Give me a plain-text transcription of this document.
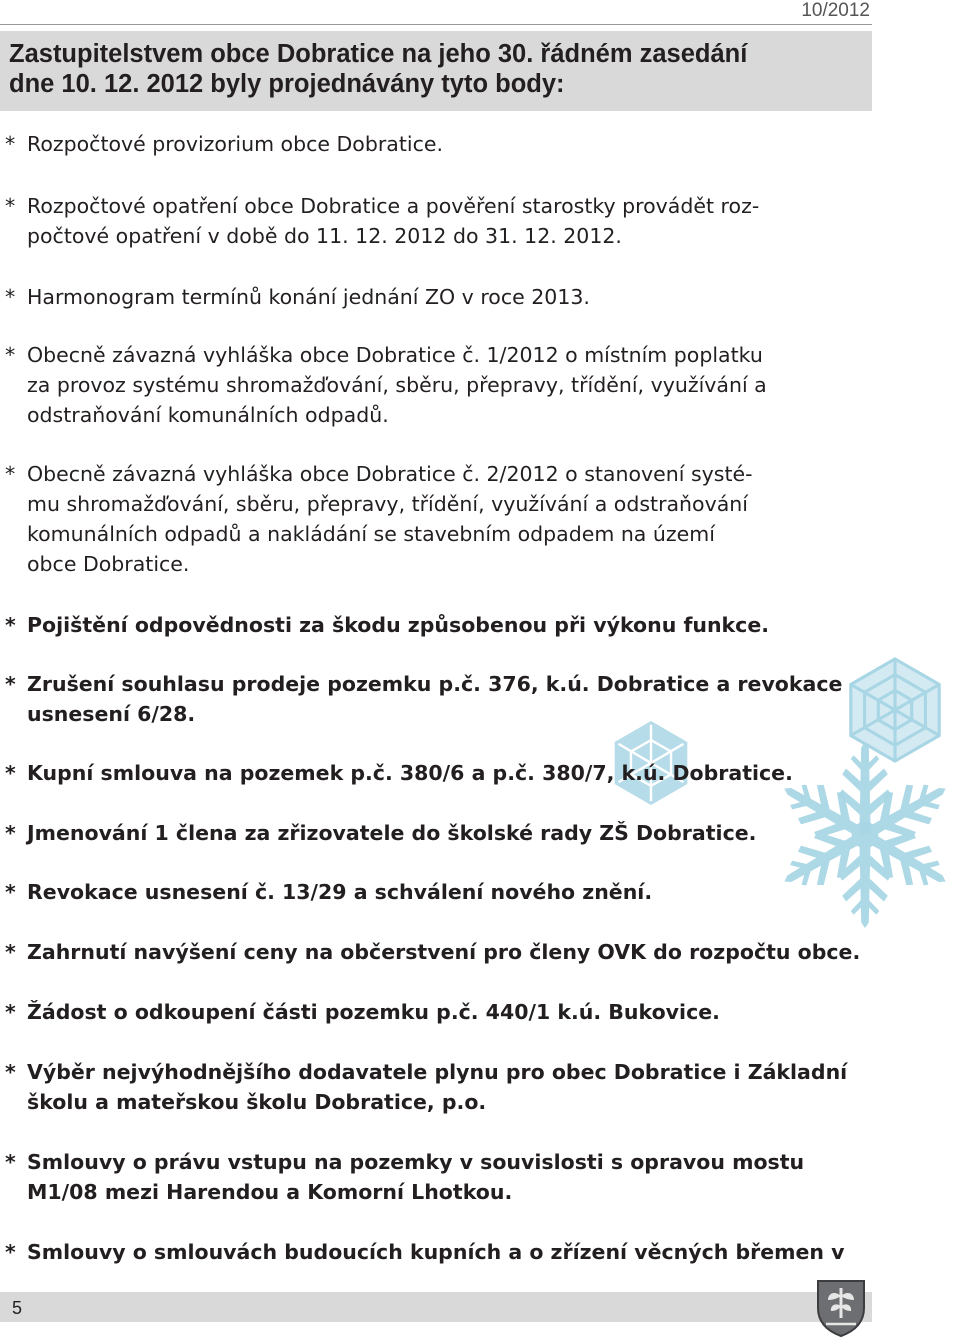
10/2012
Zastupitelstvem obce Dobratice na jeho 30. řádném zasedání
dne 10. 12. 2012 byly projednávány tyto body:
* Rozpočtové provizorium obce Dobratice.
* Rozpočtové opatření obce Dobratice a pověření starostky provádět roz-
počtové opatření v době do 11. 12. 2012 do 31. 12. 2012.
* Harmonogram termínů konání jednání ZO v roce 2013.
* Obecně závazná vyhláška obce Dobratice č. 1/2012 o místním poplatku
za provoz systému shromažďování, sběru, přepravy, třídění, využívání a
odstraňování komunálních odpadů.
* Obecně závazná vyhláška obce Dobratice č. 2/2012 o stanovení systé-
mu shromažďování, sběru, přepravy, třídění, využívání a odstraňování
komunálních odpadů a nakládání se stavebním odpadem na území
obce Dobratice.
* Pojištění odpovědnosti za škodu způsobenou při výkonu funkce.
* Zrušení souhlasu prodeje pozemku p.č. 376, k.ú. Dobratice a revokace
usnesení 6/28.
* Kupní smlouva na pozemek p.č. 380/6 a p.č. 380/7, k.ú. Dobratice.
* Jmenování 1 člena za zřizovatele do školské rady ZŠ Dobratice.
* Revokace usnesení č. 13/29 a schválení nového znění.
* Zahrnutí navýšení ceny na občerstvení pro členy OVK do rozpočtu obce.
* Žádost o odkoupení části pozemku p.č. 440/1 k.ú. Bukovice.
* Výběr nejvýhodnějšího dodavatele plynu pro obec Dobratice i Základní
školu a mateřskou školu Dobratice, p.o.
* Smlouvy o právu vstupu na pozemky v souvislosti s opravou mostu
M1/08 mezi Harendou a Komorní Lhotkou.
* Smlouvy o smlouvách budoucích kupních a o zřízení věcných břemen v
5
